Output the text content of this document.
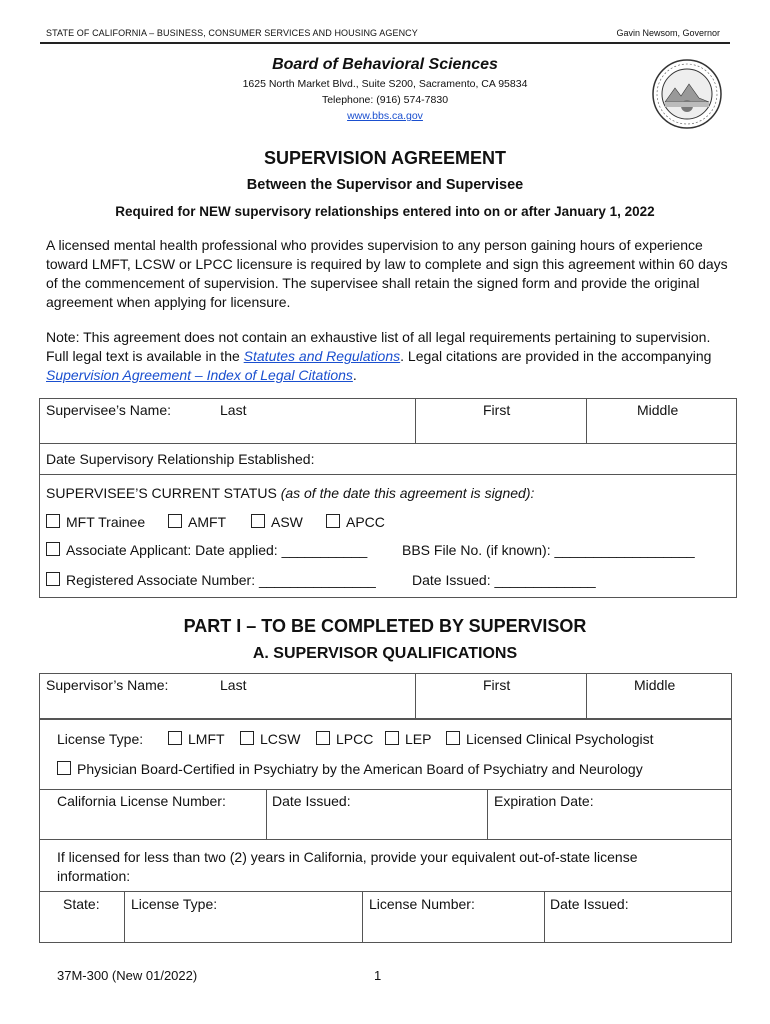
STATE OF CALIFORNIA – BUSINESS, CONSUMER SERVICES AND HOUSING AGENCY	Gavin Newsom, Governor
Board of Behavioral Sciences
1625 North Market Blvd., Suite S200, Sacramento, CA 95834
Telephone: (916) 574-7830
www.bbs.ca.gov
SUPERVISION AGREEMENT
Between the Supervisor and Supervisee
Required for NEW supervisory relationships entered into on or after January 1, 2022
A licensed mental health professional who provides supervision to any person gaining hours of experience toward LMFT, LCSW or LPCC licensure is required by law to complete and sign this agreement within 60 days of the commencement of supervision. The supervisee shall retain the signed form and provide the original agreement when applying for licensure.
Note: This agreement does not contain an exhaustive list of all legal requirements pertaining to supervision. Full legal text is available in the Statutes and Regulations. Legal citations are provided in the accompanying Supervision Agreement – Index of Legal Citations.
Supervisee’s Name:	Last	First	Middle
Date Supervisory Relationship Established:
SUPERVISEE’S CURRENT STATUS (as of the date this agreement is signed):
MFT Trainee	AMFT	ASW	APCC
Associate Applicant: Date applied: ___________ BBS File No. (if known): __________________
Registered Associate Number: _______________	Date Issued: _____________
PART I – TO BE COMPLETED BY SUPERVISOR
A. SUPERVISOR QUALIFICATIONS
Supervisor’s Name:	Last	First	Middle
License Type:	LMFT	LCSW	LPCC	LEP	Licensed Clinical Psychologist
Physician Board-Certified in Psychiatry by the American Board of Psychiatry and Neurology
California License Number:	Date Issued:	Expiration Date:
If licensed for less than two (2) years in California, provide your equivalent out-of-state license
information:
State: License Type:	License Number:	Date Issued:
37M-300 (New 01/2022)	1
